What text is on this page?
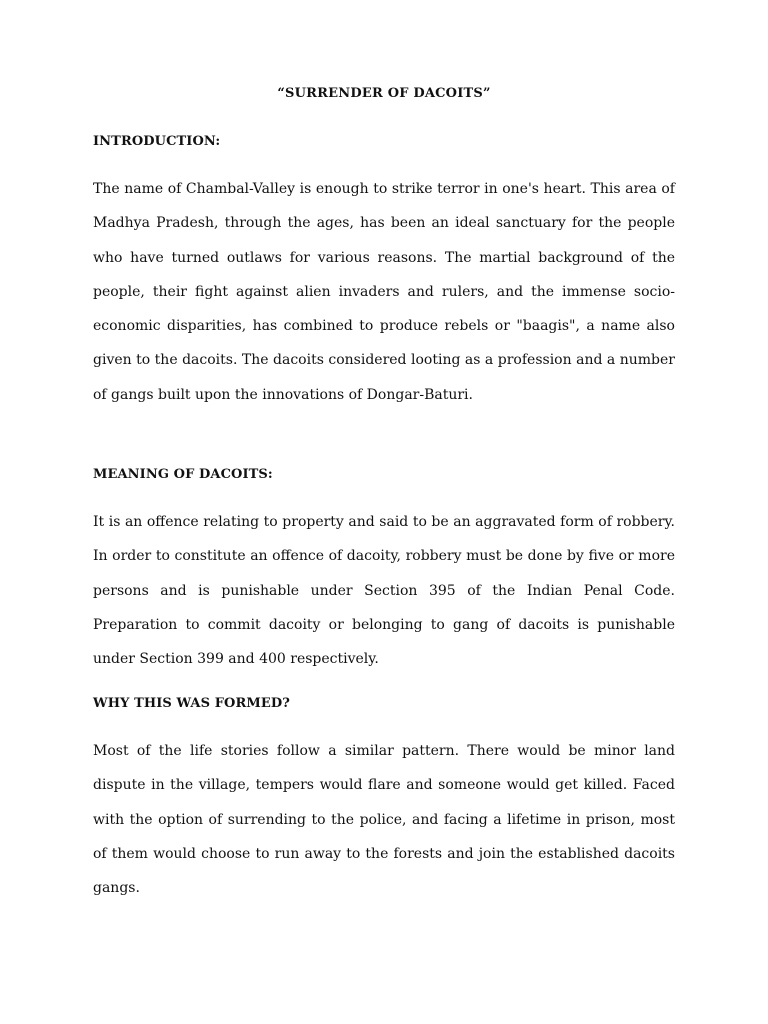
“SURRENDER OF DACOITS”
INTRODUCTION:

The name of Chambal-Valley is enough to strike terror in one's heart. This area of Madhya Pradesh, through the ages, has been an ideal sanctuary for the people who have turned outlaws for various reasons. The martial background of the people, their fight against alien invaders and rulers, and the immense socio-economic disparities, has combined to produce rebels or "baagis", a name also given to the dacoits. The dacoits considered looting as a profession and a number of gangs built upon the innovations of Dongar-Baturi.

MEANING OF DACOITS:

It is an offence relating to property and said to be an aggravated form of robbery. In order to constitute an offence of dacoity, robbery must be done by five or more persons and is punishable under Section 395 of the Indian Penal Code. Preparation to commit dacoity or belonging to gang of dacoits is punishable under Section 399 and 400 respectively.

WHY THIS WAS FORMED?

Most of the life stories follow a similar pattern. There would be minor land dispute in the village, tempers would flare and someone would get killed. Faced with the option of surrending to the police, and facing a lifetime in prison, most of them would choose to run away to the forests and join the established dacoits gangs.
